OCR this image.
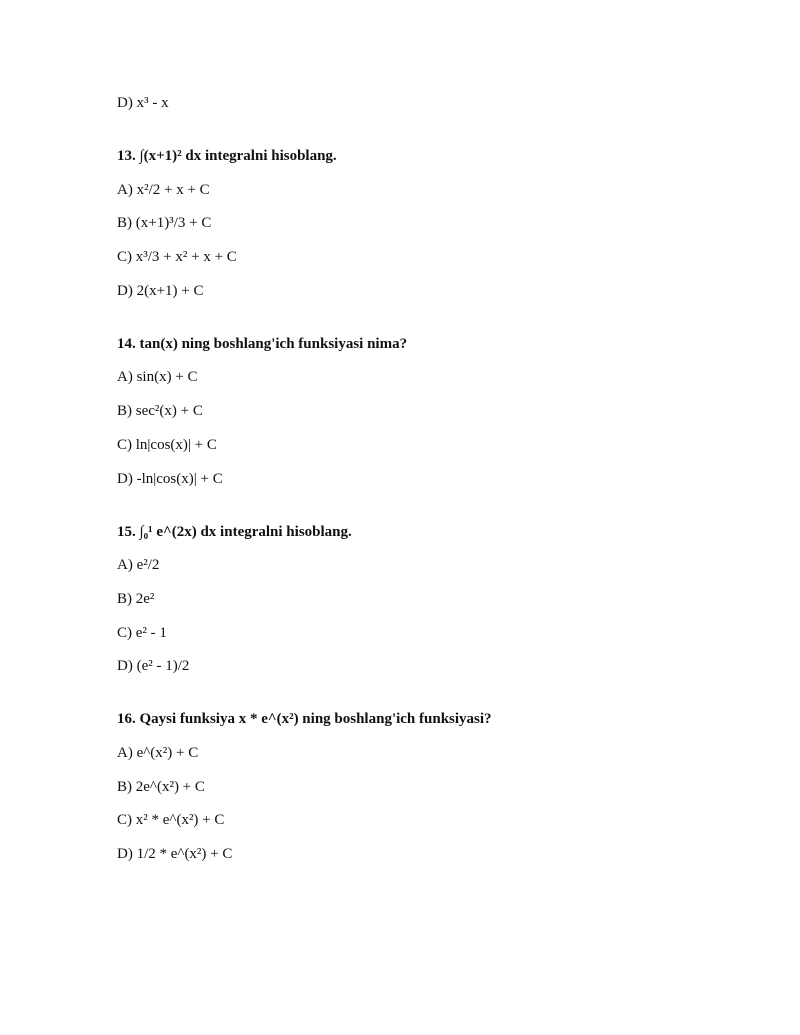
D) x³ - x
13. ∫(x+1)² dx integralni hisoblang.
A) x²/2 + x + C
B) (x+1)³/3 + C
C) x³/3 + x² + x + C
D) 2(x+1) + C
14. tan(x) ning boshlang'ich funksiyasi nima?
A) sin(x) + C
B) sec²(x) + C
C) ln|cos(x)| + C
D) -ln|cos(x)| + C
15. ∫₀¹ e^(2x) dx integralni hisoblang.
A) e²/2
B) 2e²
C) e² - 1
D) (e² - 1)/2
16. Qaysi funksiya x * e^(x²) ning boshlang'ich funksiyasi?
A) e^(x²) + C
B) 2e^(x²) + C
C) x² * e^(x²) + C
D) 1/2 * e^(x²) + C
